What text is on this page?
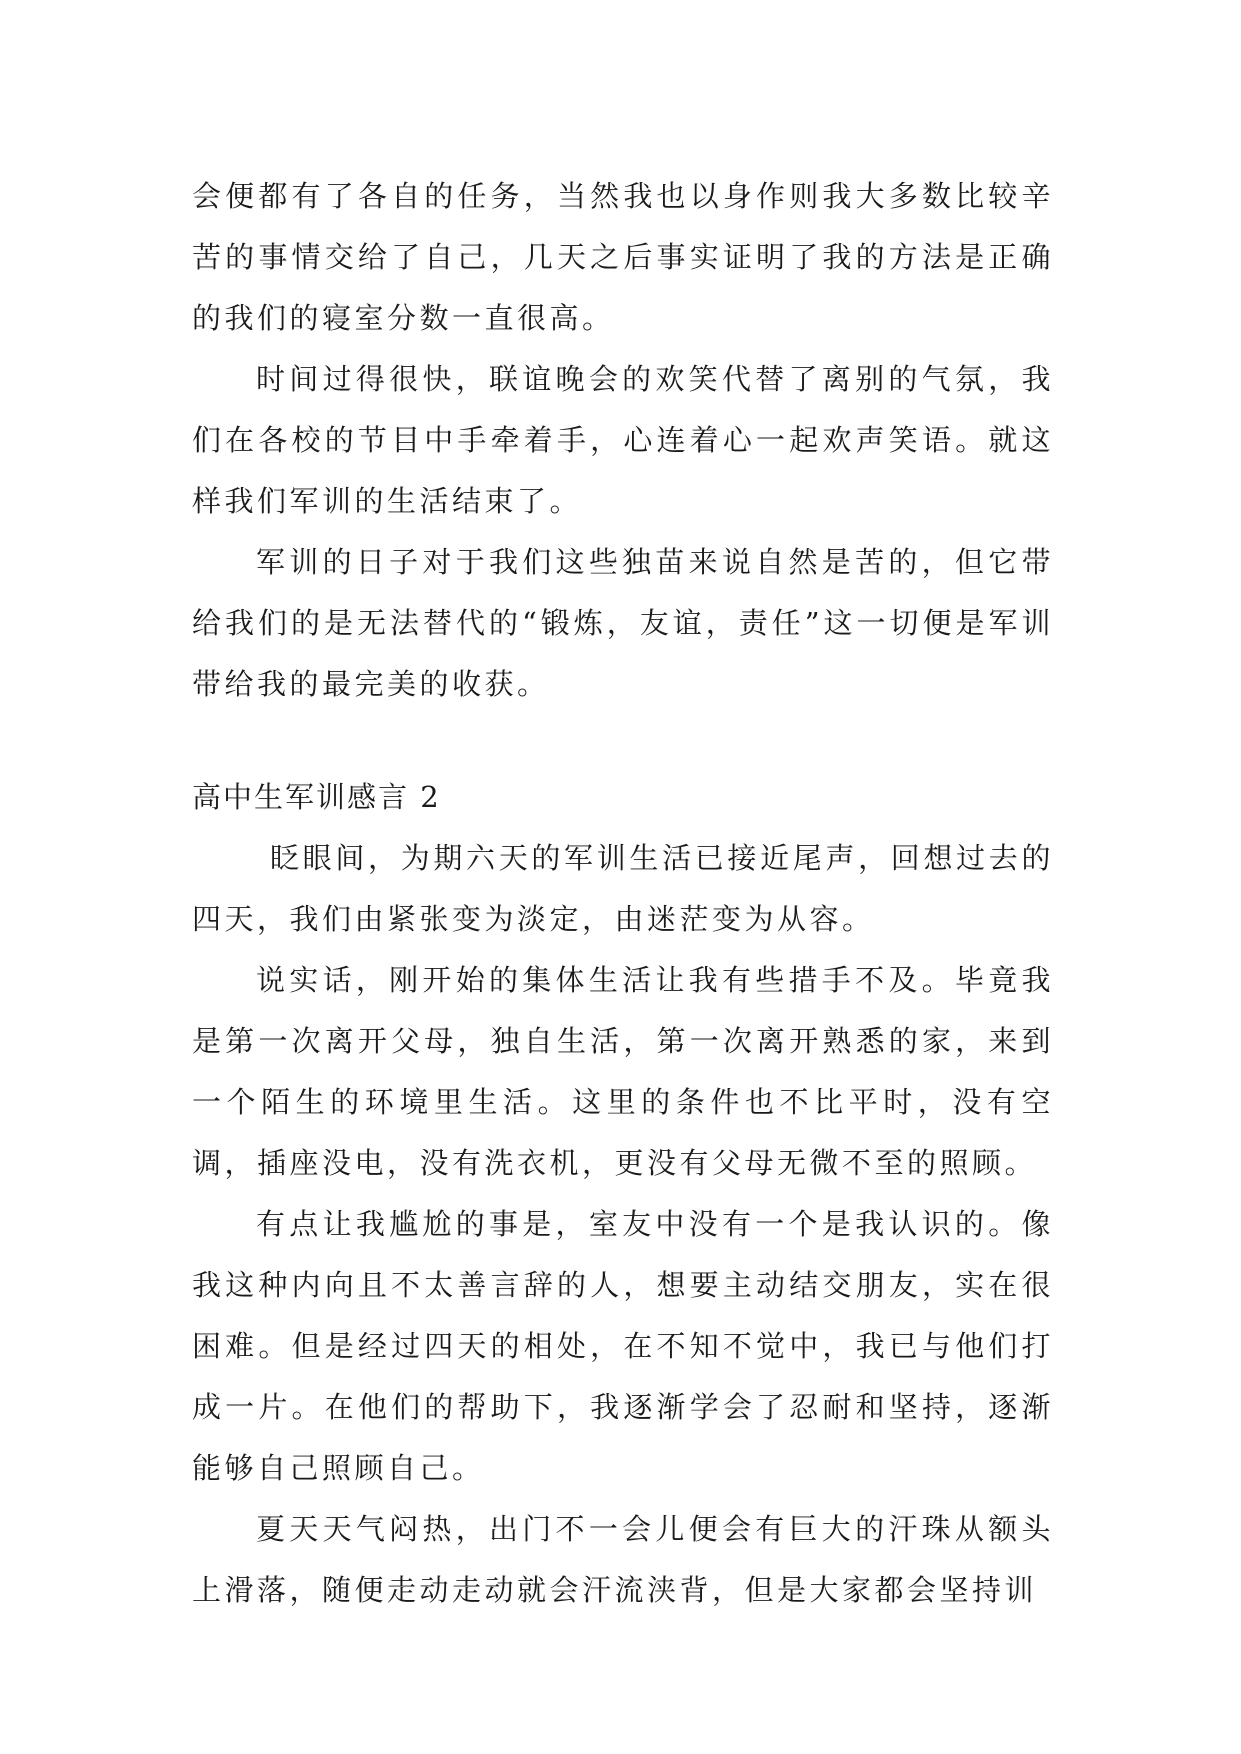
会便都有了各自的任务，当然我也以身作则我大多数比较辛苦的事情交给了自己，几天之后事实证明了我的方法是正确的我们的寝室分数一直很高。

时间过得很快，联谊晚会的欢笑代替了离别的气氛，我们在各校的节目中手牵着手，心连着心一起欢声笑语。就这样我们军训的生活结束了。

军训的日子对于我们这些独苗来说自然是苦的，但它带给我们的是无法替代的“锻炼，友谊，责任”这一切便是军训带给我的最完美的收获。

高中生军训感言 2

眨眼间，为期六天的军训生活已接近尾声，回想过去的四天，我们由紧张变为淡定，由迷茫变为从容。

说实话，刚开始的集体生活让我有些措手不及。毕竟我是第一次离开父母，独自生活，第一次离开熟悉的家，来到一个陌生的环境里生活。这里的条件也不比平时，没有空调，插座没电，没有洗衣机，更没有父母无微不至的照顾。

有点让我尴尬的事是，室友中没有一个是我认识的。像我这种内向且不太善言辞的人，想要主动结交朋友，实在很困难。但是经过四天的相处，在不知不觉中，我已与他们打成一片。在他们的帮助下，我逐渐学会了忍耐和坚持，逐渐能够自己照顾自己。

夏天天气闷热，出门不一会儿便会有巨大的汗珠从额头上滑落，随便走动走动就会汗流浃背，但是大家都会坚持训
